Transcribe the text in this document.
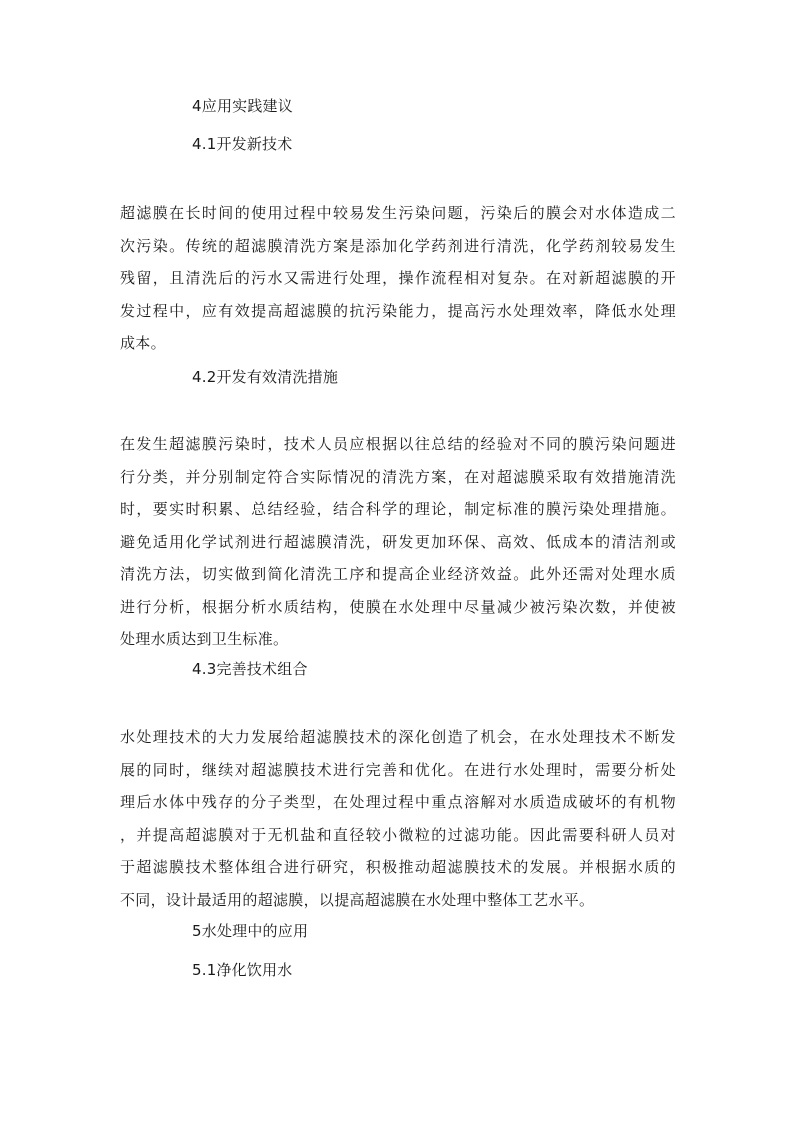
4应用实践建议
4.1开发新技术
超滤膜在长时间的使用过程中较易发生污染问题，污染后的膜会对水体造成二
次污染。传统的超滤膜清洗方案是添加化学药剂进行清洗，化学药剂较易发生
残留，且清洗后的污水又需进行处理，操作流程相对复杂。在对新超滤膜的开
发过程中，应有效提高超滤膜的抗污染能力，提高污水处理效率，降低水处理
成本。
4.2开发有效清洗措施
在发生超滤膜污染时，技术人员应根据以往总结的经验对不同的膜污染问题进
行分类，并分别制定符合实际情况的清洗方案，在对超滤膜采取有效措施清洗
时，要实时积累、总结经验，结合科学的理论，制定标准的膜污染处理措施。
避免适用化学试剂进行超滤膜清洗，研发更加环保、高效、低成本的清洁剂或
清洗方法，切实做到简化清洗工序和提高企业经济效益。此外还需对处理水质
进行分析，根据分析水质结构，使膜在水处理中尽量减少被污染次数，并使被
处理水质达到卫生标准。
4.3完善技术组合
水处理技术的大力发展给超滤膜技术的深化创造了机会，在水处理技术不断发
展的同时，继续对超滤膜技术进行完善和优化。在进行水处理时，需要分析处
理后水体中残存的分子类型，在处理过程中重点溶解对水质造成破坏的有机物
，并提高超滤膜对于无机盐和直径较小微粒的过滤功能。因此需要科研人员对
于超滤膜技术整体组合进行研究，积极推动超滤膜技术的发展。并根据水质的
不同，设计最适用的超滤膜，以提高超滤膜在水处理中整体工艺水平。
5水处理中的应用
5.1净化饮用水
